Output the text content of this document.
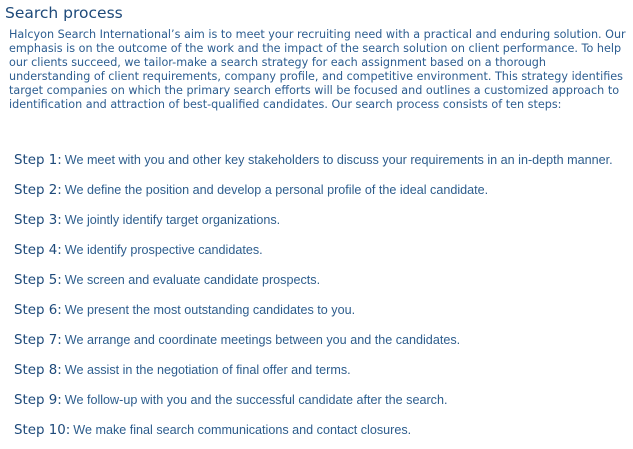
Search process

Halcyon Search International’s aim is to meet your recruiting need with a practical and enduring solution. Our emphasis is on the outcome of the work and the impact of the search solution on client performance. To help our clients succeed, we tailor-make a search strategy for each assignment based on a thorough understanding of client requirements, company profile, and competitive environment. This strategy identifies target companies on which the primary search efforts will be focused and outlines a customized approach to identification and attraction of best-qualified candidates. Our search process consists of ten steps:

Step 1: We meet with you and other key stakeholders to discuss your requirements in an in-depth manner.
Step 2: We define the position and develop a personal profile of the ideal candidate.
Step 3: We jointly identify target organizations.
Step 4: We identify prospective candidates.
Step 5: We screen and evaluate candidate prospects.
Step 6: We present the most outstanding candidates to you.
Step 7: We arrange and coordinate meetings between you and the candidates.
Step 8: We assist in the negotiation of final offer and terms.
Step 9: We follow-up with you and the successful candidate after the search.
Step 10: We make final search communications and contact closures.
